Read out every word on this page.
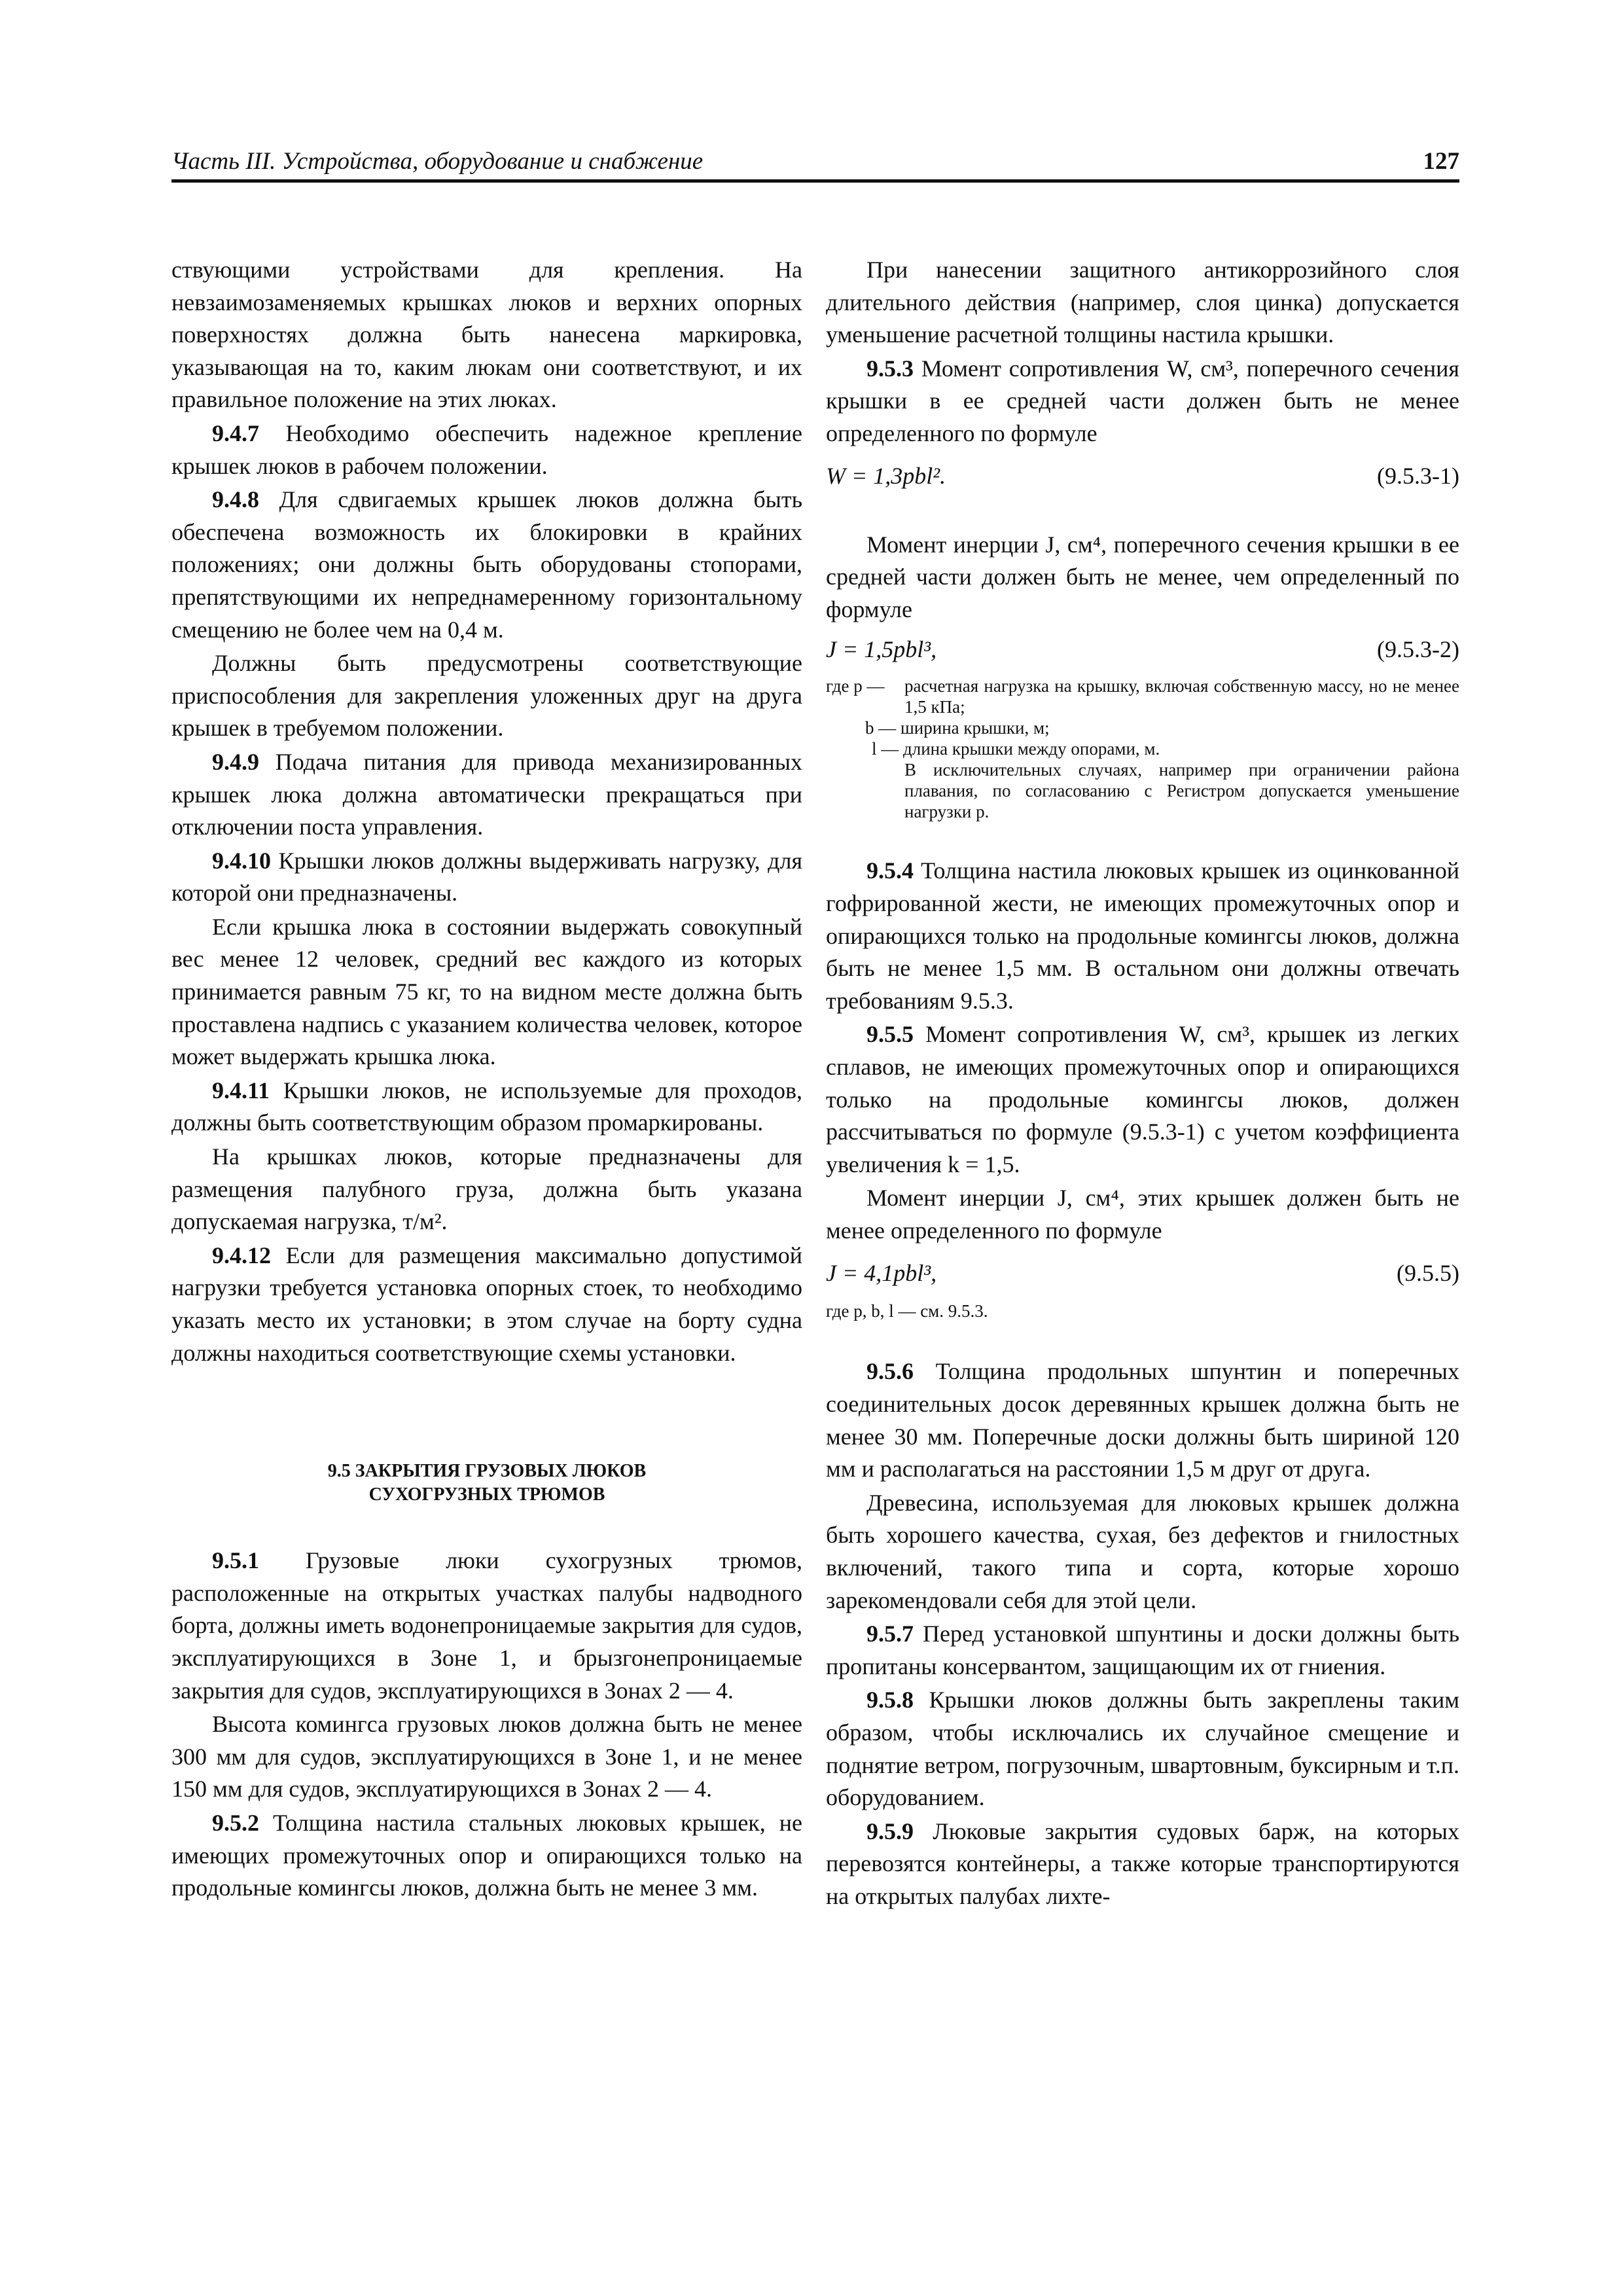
Часть III. Устройства, оборудование и снабжение	127

ствующими устройствами для крепления. На невзаимозаменяемых крышках люков и верхних опорных поверхностях должна быть нанесена маркировка, указывающая на то, каким люкам они соответствуют, и их правильное положение на этих люках.

9.4.7 Необходимо обеспечить надежное крепление крышек люков в рабочем положении.

9.4.8 Для сдвигаемых крышек люков должна быть обеспечена возможность их блокировки в крайних положениях; они должны быть оборудованы стопорами, препятствующими их непреднамеренному горизонтальному смещению не более чем на 0,4 м.

Должны быть предусмотрены соответствующие приспособления для закрепления уложенных друг на друга крышек в требуемом положении.

9.4.9 Подача питания для привода механизированных крышек люка должна автоматически прекращаться при отключении поста управления.

9.4.10 Крышки люков должны выдерживать нагрузку, для которой они предназначены.

Если крышка люка в состоянии выдержать совокупный вес менее 12 человек, средний вес каждого из которых принимается равным 75 кг, то на видном месте должна быть проставлена надпись с указанием количества человек, которое может выдержать крышка люка.

9.4.11 Крышки люков, не используемые для проходов, должны быть соответствующим образом промаркированы.

На крышках люков, которые предназначены для размещения палубного груза, должна быть указана допускаемая нагрузка, т/м².

9.4.12 Если для размещения максимально допустимой нагрузки требуется установка опорных стоек, то необходимо указать место их установки; в этом случае на борту судна должны находиться соответствующие схемы установки.

9.5 ЗАКРЫТИЯ ГРУЗОВЫХ ЛЮКОВ
СУХОГРУЗНЫХ ТРЮМОВ

9.5.1 Грузовые люки сухогрузных трюмов, расположенные на открытых участках палубы надводного борта, должны иметь водонепроницаемые закрытия для судов, эксплуатирующихся в Зоне 1, и брызгонепроницаемые закрытия для судов, эксплуатирующихся в Зонах 2 — 4.

Высота комингса грузовых люков должна быть не менее 300 мм для судов, эксплуатирующихся в Зоне 1, и не менее 150 мм для судов, эксплуатирующихся в Зонах 2 — 4.

9.5.2 Толщина настила стальных люковых крышек, не имеющих промежуточных опор и опирающихся только на продольные комингсы люков, должна быть не менее 3 мм.

При нанесении защитного антикоррозийного слоя длительного действия (например, слоя цинка) допускается уменьшение расчетной толщины настила крышки.

9.5.3 Момент сопротивления W, см³, поперечного сечения крышки в ее средней части должен быть не менее определенного по формуле

W = 1,3pbl².	(9.5.3-1)

Момент инерции J, см⁴, поперечного сечения крышки в ее средней части должен быть не менее, чем определенный по формуле

J = 1,5pbl³,	(9.5.3-2)
где p —	расчетная нагрузка на крышку, включая собственную массу, но не менее 1,5 кПа;
b — ширина крышки, м;
l — длина крышки между опорами, м.
В исключительных случаях, например при ограничении района плавания, по согласованию с Регистром допускается уменьшение нагрузки p.

9.5.4 Толщина настила люковых крышек из оцинкованной гофрированной жести, не имеющих промежуточных опор и опирающихся только на продольные комингсы люков, должна быть не менее 1,5 мм. В остальном они должны отвечать требованиям 9.5.3.

9.5.5 Момент сопротивления W, см³, крышек из легких сплавов, не имеющих промежуточных опор и опирающихся только на продольные комингсы люков, должен рассчитываться по формуле (9.5.3-1) с учетом коэффициента увеличения k = 1,5.

Момент инерции J, см⁴, этих крышек должен быть не менее определенного по формуле

J = 4,1pbl³,	(9.5.5)
где p, b, l — см. 9.5.3.

9.5.6 Толщина продольных шпунтин и поперечных соединительных досок деревянных крышек должна быть не менее 30 мм. Поперечные доски должны быть шириной 120 мм и располагаться на расстоянии 1,5 м друг от друга.

Древесина, используемая для люковых крышек должна быть хорошего качества, сухая, без дефектов и гнилостных включений, такого типа и сорта, которые хорошо зарекомендовали себя для этой цели.

9.5.7 Перед установкой шпунтины и доски должны быть пропитаны консервантом, защищающим их от гниения.

9.5.8 Крышки люков должны быть закреплены таким образом, чтобы исключались их случайное смещение и поднятие ветром, погрузочным, швартовным, буксирным и т.п. оборудованием.

9.5.9 Люковые закрытия судовых барж, на которых перевозятся контейнеры, а также которые транспортируются на открытых палубах лихте-
